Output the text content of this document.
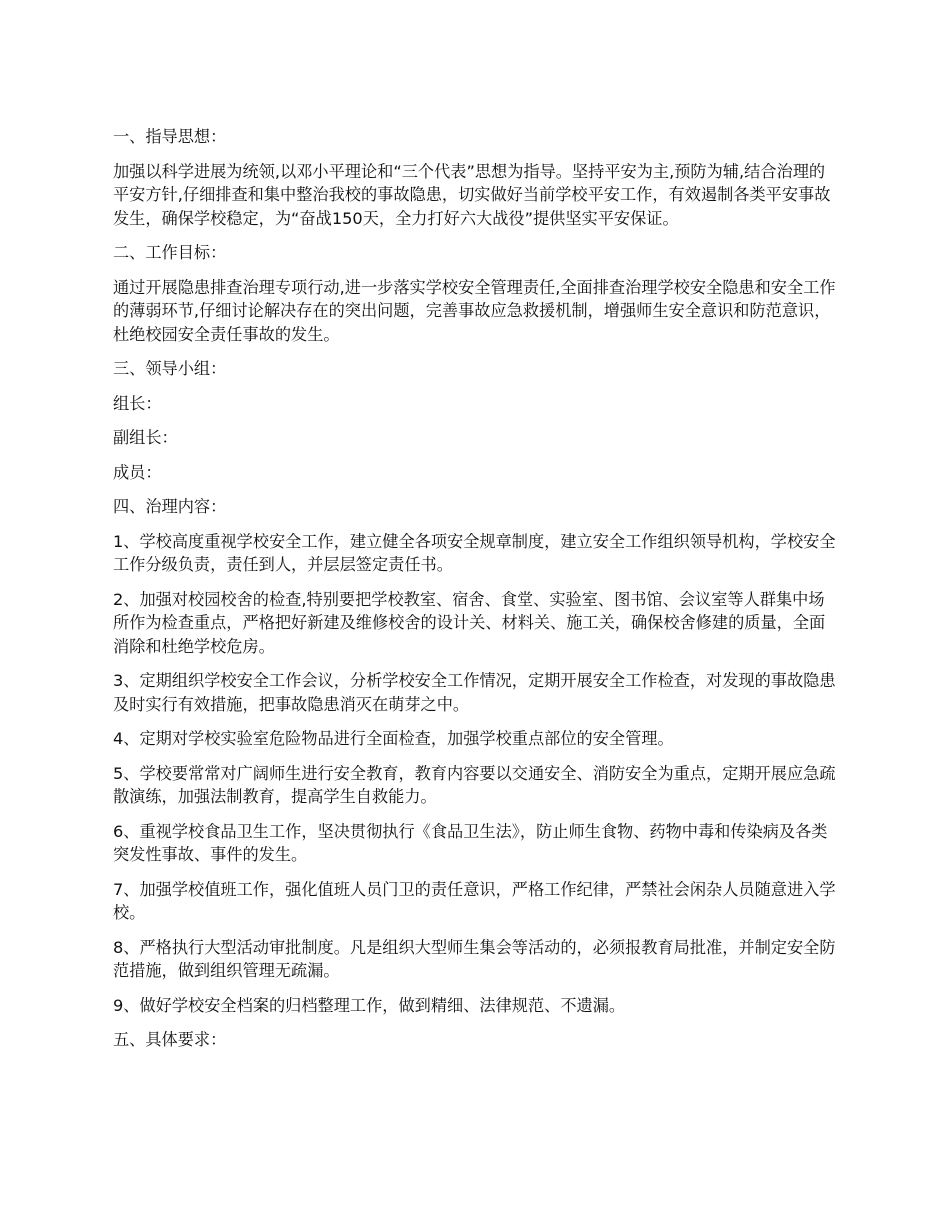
一、指导思想：

加强以科学进展为统领,以邓小平理论和“三个代表”思想为指导。坚持平安为主,预防为辅,结合治理的平安方针,仔细排查和集中整治我校的事故隐患，切实做好当前学校平安工作，有效遏制各类平安事故发生，确保学校稳定，为“奋战150天，全力打好六大战役”提供坚实平安保证。

二、工作目标：

通过开展隐患排查治理专项行动,进一步落实学校安全管理责任,全面排查治理学校安全隐患和安全工作的薄弱环节,仔细讨论解决存在的突出问题，完善事故应急救援机制，增强师生安全意识和防范意识，杜绝校园安全责任事故的发生。

三、领导小组：

组长：

副组长：

成员：

四、治理内容：

1、学校高度重视学校安全工作，建立健全各项安全规章制度，建立安全工作组织领导机构，学校安全工作分级负责，责任到人，并层层签定责任书。

2、加强对校园校舍的检查,特别要把学校教室、宿舍、食堂、实验室、图书馆、会议室等人群集中场所作为检查重点，严格把好新建及维修校舍的设计关、材料关、施工关，确保校舍修建的质量，全面消除和杜绝学校危房。

3、定期组织学校安全工作会议，分析学校安全工作情况，定期开展安全工作检查，对发现的事故隐患及时实行有效措施，把事故隐患消灭在萌芽之中。

4、定期对学校实验室危险物品进行全面检查，加强学校重点部位的安全管理。

5、学校要常常对广阔师生进行安全教育，教育内容要以交通安全、消防安全为重点，定期开展应急疏散演练，加强法制教育，提高学生自救能力。

6、重视学校食品卫生工作，坚决贯彻执行《食品卫生法》，防止师生食物、药物中毒和传染病及各类突发性事故、事件的发生。

7、加强学校值班工作，强化值班人员门卫的责任意识，严格工作纪律，严禁社会闲杂人员随意进入学校。

8、严格执行大型活动审批制度。凡是组织大型师生集会等活动的，必须报教育局批准，并制定安全防范措施，做到组织管理无疏漏。

9、做好学校安全档案的归档整理工作，做到精细、法律规范、不遗漏。

五、具体要求：
